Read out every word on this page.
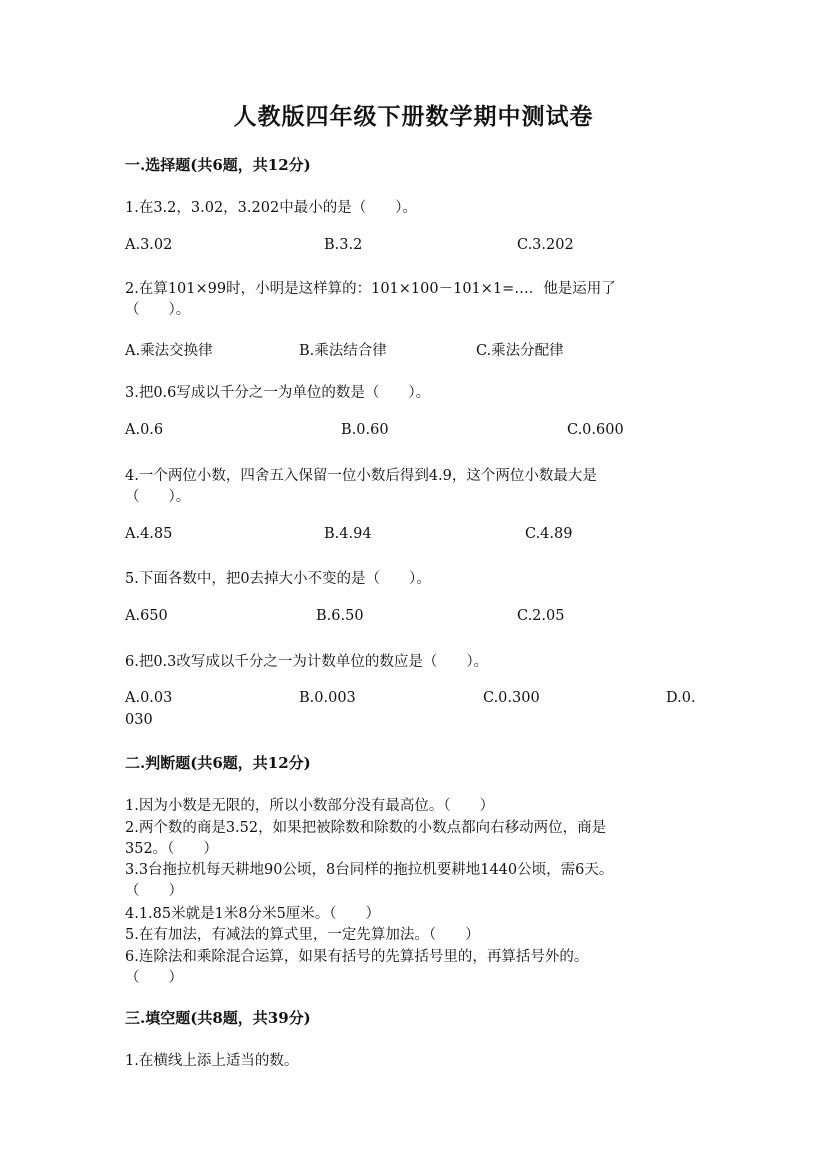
人教版四年级下册数学期中测试卷
一.选择题(共6题，共12分)
1.在3.2，3.02，3.202中最小的是（　　）。
A.3.02	B.3.2	C.3.202
2.在算101×99时，小明是这样算的：101×100－101×1=…．他是运用了
（　　）。
A.乘法交换律	B.乘法结合律	C.乘法分配律
3.把0.6写成以千分之一为单位的数是（　　）。
A.0.6	B.0.60	C.0.600
4.一个两位小数，四舍五入保留一位小数后得到4.9，这个两位小数最大是
（　　）。
A.4.85	B.4.94	C.4.89
5.下面各数中，把0去掉大小不变的是（　　）。
A.650	B.6.50	C.2.05
6.把0.3改写成以千分之一为计数单位的数应是（　　）。
A.0.03	B.0.003	C.0.300	D.0.
030
二.判断题(共6题，共12分)
1.因为小数是无限的，所以小数部分没有最高位。（　　）
2.两个数的商是3.52，如果把被除数和除数的小数点都向右移动两位，商是
352。（　　）
3.3台拖拉机每天耕地90公顷，8台同样的拖拉机要耕地1440公顷，需6天。
（　　）
4.1.85米就是1米8分米5厘米。（　　）
5.在有加法，有减法的算式里，一定先算加法。（　　）
6.连除法和乘除混合运算，如果有括号的先算括号里的，再算括号外的。
（　　）
三.填空题(共8题，共39分)
1.在横线上添上适当的数。
